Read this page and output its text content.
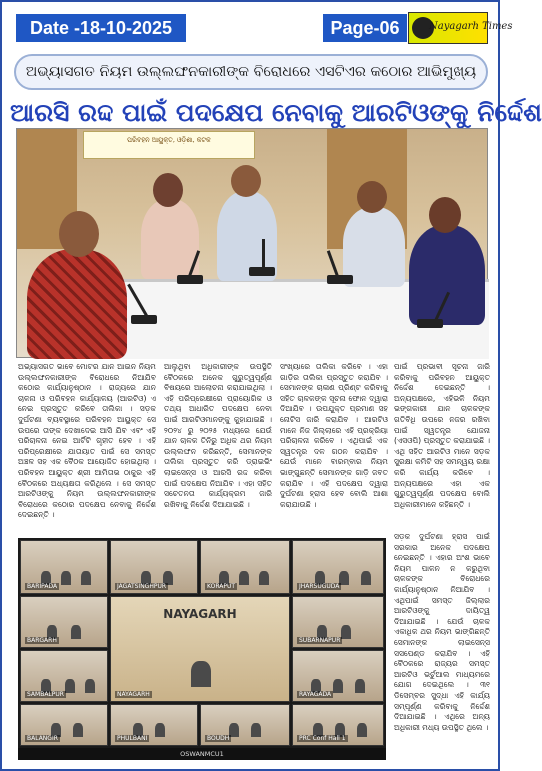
Date -18-10-2025	Page-06	Nayagarh Times
ଅଭ୍ୟାସଗତ ନିୟମ ଉଲ୍ଲଙ୍ଘନକାରୀଙ୍କ ବିରୋଧରେ ଏସଟିଏର କଠୋର ଆଭିମୁଖ୍ୟ
ଆରସି ରଦ୍ଦ ପାଇଁ ପଦକ୍ଷେପ ନେବାକୁ ଆରଟିଓଙ୍କୁ ନିର୍ଦ୍ଦେଶ
ପରିବହନ ଆୟୁକ୍ତ, ଓଡ଼ିଶା, କଟକ
ଅଭ୍ୟାସଗତ ଭାବେ ମୋଟର ଯାନ ଆଇନ ନିୟମ ଉଲ୍ଲଙ୍ଘନକାରୀଙ୍କ ବିରୋଧରେ ନିଆଯିବ କଠୋର କାର୍ଯ୍ୟାନୁଷ୍ଠାନ । ରାଜ୍ୟରେ ଯାନ ଚାଳନା ଓ ପରିବହନ କାର୍ଯ୍ୟାଳୟ (ଆରଟିଓ) ଏ ନେଇ ପ୍ରସ୍ତୁତ କରିବେ ତାଲିକା । ସଡ଼କ ଦୁର୍ଘଟଣା ବ୍ୟବସ୍ଥାରେ ପରିବହନ ଆୟୁକ୍ତ ସେ ଉପରେ ତାଙ୍କ ଦେଖାଦେଇ ଆସି ଯିବ ଏବଂ ଏହି ପରିଚାଳନା ନେଇ ଆର୍ଟିଟି ଗୃହୀତ ହେବ । ଏହି ପରିପ୍ରେକ୍ଷୀରେ ଯାତାୟାତ ପାଇଁ ସେ ସମସ୍ତ ଅଞ୍ଚଳ ସହ ଏକ ବୈଠକ ଆୟୋଜିତ ହୋଇଥିଲା । ପରିବହନ ଆୟୁକ୍ତ ଶ୍ରୀ ଆମିତାଭ ଠାକୁର ଏହି ବୈଠକରେ ଅଧ୍ୟକ୍ଷତା କରିଥିଲେ । ସେ ସମସ୍ତ ଆରଟିଓଙ୍କୁ ନିୟମ ଉଲ୍ଲଙ୍ଘନକାରୀଙ୍କ ବିରୋଧରେ କଠୋର ପଦକ୍ଷେପ ନେବାକୁ ନିର୍ଦ୍ଦେଶ ଦେଇଛନ୍ତି ।
ଆଲୁଥିବା ଅଧିକାରୀଙ୍କ ଉପସ୍ଥିତି ବୈଠକରେ ଅନେକ ଗୁରୁତ୍ୱପୂର୍ଣ୍ଣ ବିଷୟରେ ଆଲୋଚନା କରାଯାଇଥିଲା । ଏହି ପରିପ୍ରେକ୍ଷୀରେ ପ୍ରାୟୋଗିକ ଓ ତଥ୍ୟ ଆଧାରିତ ପଦକ୍ଷେପ ନେବା ପାଇଁ ଆରଟିଓମାନଙ୍କୁ କୁହାଯାଇଛି । ୨୦୨୪ ରୁ ୨୦୨୫ ମଧ୍ୟରେ ଯେଉଁ ଯାନ ଚାଳକ ତିନିରୁ ଅଧିକ ଥର ନିୟମ ଉଲ୍ଲଙ୍ଘନ କରିଛନ୍ତି, ସେମାନଙ୍କ ତାଲିକା ପ୍ରସ୍ତୁତ କରି ଡ୍ରାଇଭିଂ ଲାଇସେନ୍ସ ଓ ଆରସି ରଦ୍ଦ କରିବା ପାଇଁ ପଦକ୍ଷେପ ନିଆଯିବ । ଏହା ସହିତ ସଚେତନତା କାର୍ଯ୍ୟକ୍ରମ ଜାରି ରଖିବାକୁ ନିର୍ଦ୍ଦେଶ ଦିଆଯାଇଛି ।
ସଂଖ୍ୟାରେ ତାଲିକା କରିବେ । ଏହା ଗାଡ଼ିର ତାଲିକା ପ୍ରସ୍ତୁତ କରାଯିବ । ସେମାନଙ୍କ ଚାଳାଣ ପ୍ରିଣ୍ଟ କରିବାକୁ ସହିତ ଚାଳକଙ୍କ ସୂଚନା ଫୋନ ଦ୍ୱାରା ଦିଆଯିବ । ଉପଯୁକ୍ତ ପ୍ରମାଣ ସହ ନୋଟିସ ଜାରି କରାଯିବ । ଆରଟିଓ ମାନେ ନିଜ ଜିଲ୍ଲାରେ ଏହି ପ୍ରକ୍ରିୟା ପରିଚାଳନା କରିବେ । ଏଥିପାଇଁ ଏକ ସ୍ୱତନ୍ତ୍ର ଦଳ ଗଠନ କରାଯିବ । ଯେଉଁ ମାନେ ବାରମ୍ବାର ନିୟମ ଭାଙ୍ଗୁଛନ୍ତି ସେମାନଙ୍କ ଗାଡ଼ି ଜବତ କରାଯିବ । ଏହି ପଦକ୍ଷେପ ଦ୍ୱାରା ଦୁର୍ଘଟଣା ହ୍ରାସ ହେବ ବୋଲି ଆଶା କରାଯାଉଛି ।
ପାଇଁ ପ୍ରଭାବୀ ସୂଚନା ଜାରି କରିବାକୁ ପରିବହନ ଆୟୁକ୍ତ ନିର୍ଦ୍ଦେଶ ଦେଇଛନ୍ତି । ଅନ୍ୟପକ୍ଷରେ, ଏହିଭଳି ନିୟମ ଭଙ୍ଗକାରୀ ଯାନ ଚାଳକଙ୍କ ଗତିବିଧି ଉପରେ ନଜର ରଖିବା ପାଇଁ ସ୍ୱତନ୍ତ୍ର ଯୋଜନା (ଏସଓପି) ପ୍ରସ୍ତୁତ କରାଯାଇଛି । ଏଥି ସହିତ ଆରଟିଓ ମାନେ ସଡ଼କ ସୁରକ୍ଷା କମିଟି ସହ ସମନ୍ୱୟ ରକ୍ଷା କରି କାର୍ଯ୍ୟ କରିବେ । ଅନ୍ୟପକ୍ଷରେ ଏହା ଏକ ଗୁରୁତ୍ୱପୂର୍ଣ୍ଣ ପଦକ୍ଷେପ ବୋଲି ଅଧିକାରୀମାନେ କହିଛନ୍ତି ।
ସଡ଼କ ଦୁର୍ଘଟଣା ହ୍ରାସ ପାଇଁ ସରକାର ଅନେକ ପଦକ୍ଷେପ ନେଇଛନ୍ତି । ଏହାର ଅଂଶ ଭାବେ ନିୟମ ପାଳନ ନ କରୁଥିବା ଚାଳକଙ୍କ ବିରୋଧରେ କାର୍ଯ୍ୟାନୁଷ୍ଠାନ ନିଆଯିବ । ଏଥିପାଇଁ ସମସ୍ତ ଜିଲ୍ଲାର ଆରଟିଓଙ୍କୁ ଦାୟିତ୍ୱ ଦିଆଯାଇଛି । ଯେଉଁ ଚାଳକ ଏକାଧିକ ଥର ନିୟମ ଭାଙ୍ଗିଛନ୍ତି ସେମାନଙ୍କ ଲାଇସେନ୍ସ ସସପେଣ୍ଡ କରାଯିବ । ଏହି ବୈଠକରେ ରାଜ୍ୟର ସମସ୍ତ ଆରଟିଓ ଭର୍ଚୁଆଲ ମାଧ୍ୟମରେ ଯୋଗ ଦେଇଥିଲେ । ୩୧ ଡିସେମ୍ବର ସୁଦ୍ଧା ଏହି କାର୍ଯ୍ୟ ସମ୍ପୂର୍ଣ୍ଣ କରିବାକୁ ନିର୍ଦ୍ଦେଶ ଦିଆଯାଇଛି । ଏଥିରେ ଅନ୍ୟ ଅଧିକାରୀ ମଧ୍ୟ ଉପସ୍ଥିତ ଥିଲେ ।
BARIPADA	JAGATSINGHPUR	KORAPUT	JHARSUGUDA
BARGARH
SAMBALPUR
NAYAGARH
NAYAGARH
SUBARNAPUR
RAYAGADA
BALANGIR	PHULBANI	BOUDH	PRC Conf Hall 1
OSWANMCU1
